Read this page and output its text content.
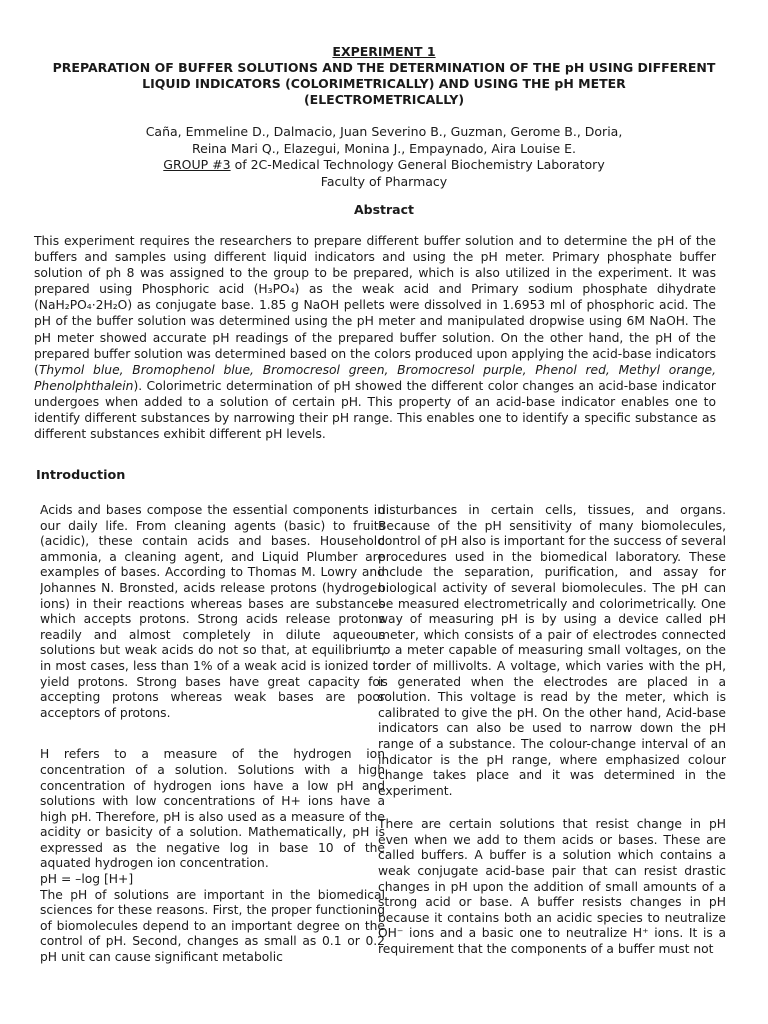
EXPERIMENT 1
PREPARATION OF BUFFER SOLUTIONS AND THE DETERMINATION OF THE pH USING DIFFERENT
LIQUID INDICATORS (COLORIMETRICALLY) AND USING THE pH METER
(ELECTROMETRICALLY)
Caña, Emmeline D., Dalmacio, Juan Severino B., Guzman, Gerome B., Doria,
Reina Mari Q., Elazegui, Monina J., Empaynado, Aira Louise E.
GROUP #3 of 2C-Medical Technology General Biochemistry Laboratory
Faculty of Pharmacy
Abstract

This experiment requires the researchers to prepare different buffer solution and to determine the pH of the buffers and samples using different liquid indicators and using the pH meter. Primary phosphate buffer solution of ph 8 was assigned to the group to be prepared, which is also utilized in the experiment. It was prepared using Phosphoric acid (H₃PO₄) as the weak acid and Primary sodium phosphate dihydrate (NaH₂PO₄·2H₂O) as conjugate base. 1.85 g NaOH pellets were dissolved in 1.6953 ml of phosphoric acid. The pH of the buffer solution was determined using the pH meter and manipulated dropwise using 6M NaOH. The pH meter showed accurate pH readings of the prepared buffer solution. On the other hand, the pH of the prepared buffer solution was determined based on the colors produced upon applying the acid-base indicators (Thymol blue, Bromophenol blue, Bromocresol green, Bromocresol purple, Phenol red, Methyl orange, Phenolphthalein). Colorimetric determination of pH showed the different color changes an acid-base indicator undergoes when added to a solution of certain pH. This property of an acid-base indicator enables one to identify different substances by narrowing their pH range. This enables one to identify a specific substance as different substances exhibit different pH levels.

Introduction

Acids and bases compose the essential components in our daily life. From cleaning agents (basic) to fruits (acidic), these contain acids and bases. Household ammonia, a cleaning agent, and Liquid Plumber are examples of bases. According to Thomas M. Lowry and Johannes N. Bronsted, acids release protons (hydrogen ions) in their reactions whereas bases are substances which accepts protons. Strong acids release protons readily and almost completely in dilute aqueous solutions but weak acids do not so that, at equilibrium, in most cases, less than 1% of a weak acid is ionized to yield protons. Strong bases have great capacity for accepting protons whereas weak bases are poor acceptors of protons.

H refers to a measure of the hydrogen ion concentration of a solution. Solutions with a high concentration of hydrogen ions have a low pH and solutions with low concentrations of H+ ions have a high pH. Therefore, pH is also used as a measure of the acidity or basicity of a solution. Mathematically, pH is expressed as the negative log in base 10 of the aquated hydrogen ion concentration.

pH = –log [H+]

The pH of solutions are important in the biomedical sciences for these reasons. First, the proper functioning of biomolecules depend to an important degree on the control of pH. Second, changes as small as 0.1 or 0.2 pH unit can cause significant metabolic

disturbances in certain cells, tissues, and organs. Because of the pH sensitivity of many biomolecules, control of pH also is important for the success of several procedures used in the biomedical laboratory. These include the separation, purification, and assay for biological activity of several biomolecules. The pH can be measured electrometrically and colorimetrically. One way of measuring pH is by using a device called pH meter, which consists of a pair of electrodes connected to a meter capable of measuring small voltages, on the order of millivolts. A voltage, which varies with the pH, is generated when the electrodes are placed in a solution. This voltage is read by the meter, which is calibrated to give the pH. On the other hand, Acid-base indicators can also be used to narrow down the pH range of a substance. The colour-change interval of an indicator is the pH range, where emphasized colour change takes place and it was determined in the experiment.

There are certain solutions that resist change in pH even when we add to them acids or bases. These are called buffers. A buffer is a solution which contains a weak conjugate acid-base pair that can resist drastic changes in pH upon the addition of small amounts of a strong acid or base. A buffer resists changes in pH because it contains both an acidic species to neutralize OH⁻ ions and a basic one to neutralize H⁺ ions. It is a requirement that the components of a buffer must not
